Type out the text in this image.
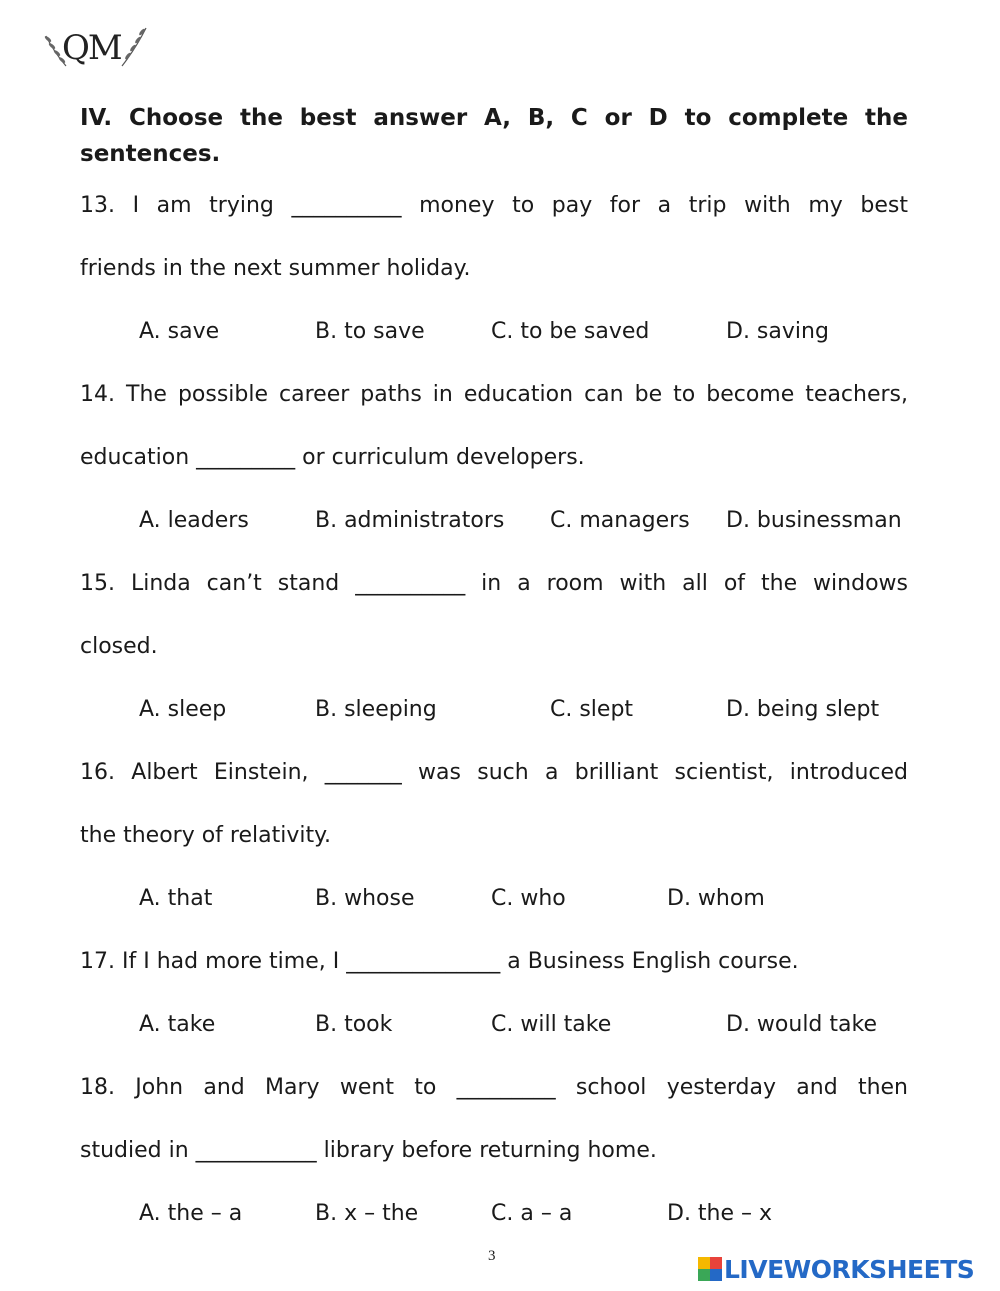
QM

IV. Choose the best answer A, B, C or D to complete the sentences.

13. I am trying __________ money to pay for a trip with my best
friends in the next summer holiday.
A. save	B. to save	C. to be saved	D. saving
14. The possible career paths in education can be to become teachers,
education _________ or curriculum developers.
A. leaders	B. administrators C. managers D. businessman
15. Linda can’t stand __________ in a room with all of the windows
closed.
A. sleep	B. sleeping	C. slept	D. being slept
16. Albert Einstein, _______ was such a brilliant scientist, introduced
the theory of relativity.
A. that	B. whose	C. who	D. whom
17. If I had more time, I ______________ a Business English course.
A. take	B. took	C. will take	D. would take
18. John and Mary went to _________ school yesterday and then
studied in ___________ library before returning home.
A. the – a	B. x – the	C. a – a	D. the – x
3	LIVEWORKSHEETS
